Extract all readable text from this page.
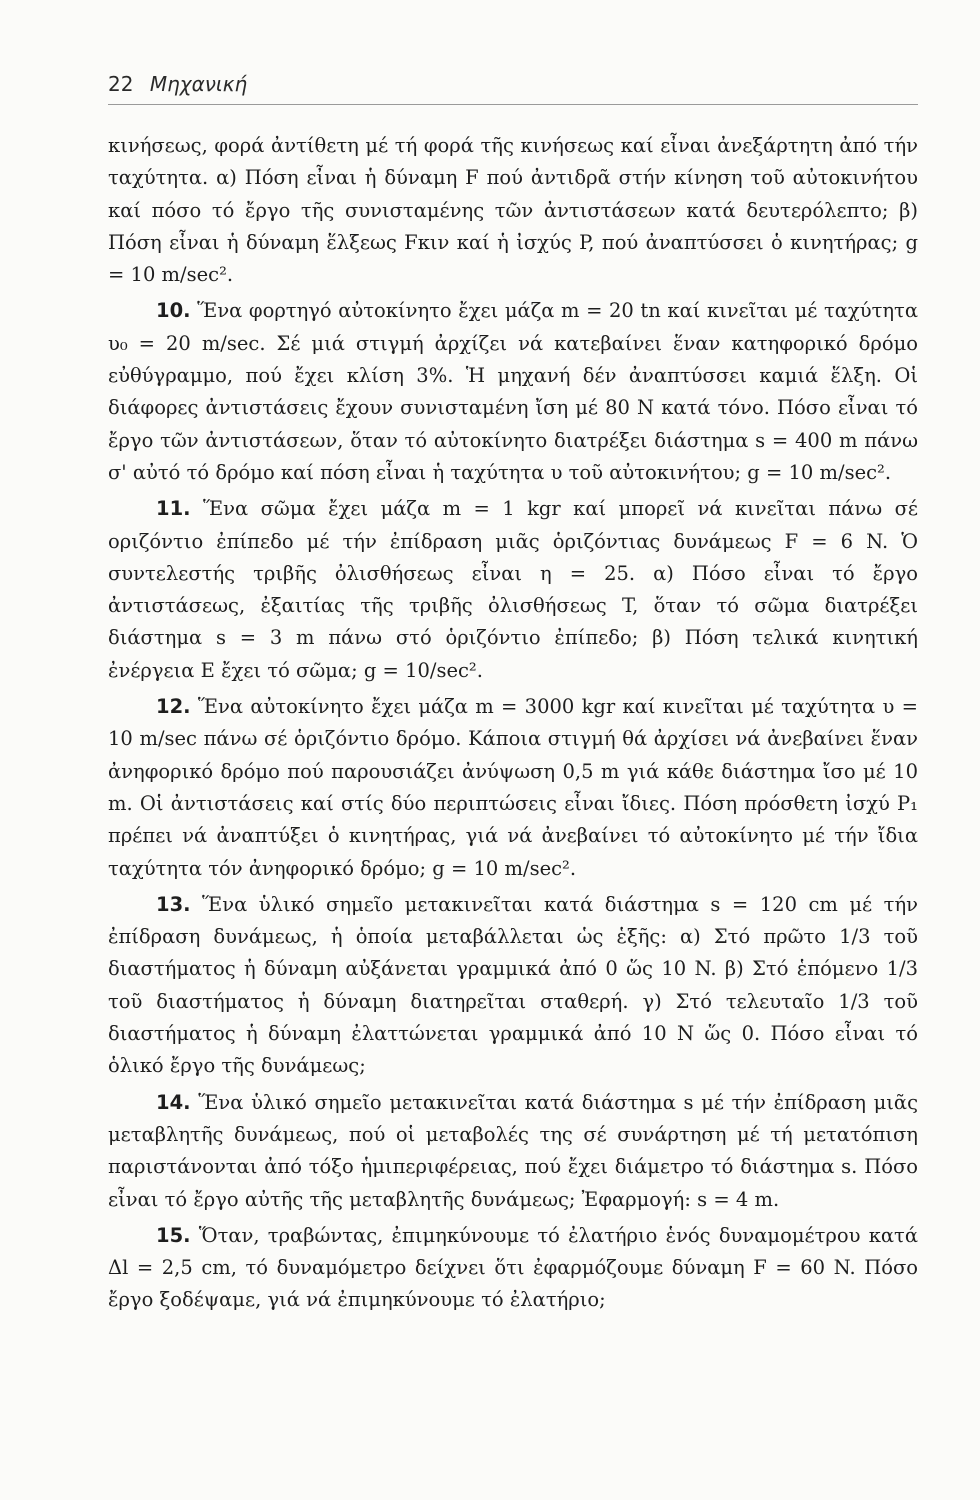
22 Μηχανική

κινήσεως, φορά ἀντίθετη μέ τή φορά τῆς κινήσεως καί εἶναι ἀνεξάρτητη ἀπό τήν ταχύτητα. α) Πόση εἶναι ἡ δύναμη F πού ἀντιδρᾶ στήν κίνηση τοῦ αὐτοκινήτου καί πόσο τό ἔργο τῆς συνισταμένης τῶν ἀντιστάσεων κατά δευτερόλεπτο; β) Πόση εἶναι ἡ δύναμη ἕλξεως Fκιν καί ἡ ἰσχύς P, πού ἀναπτύσσει ὁ κινητήρας; g = 10 m/sec².

10. Ἕνα φορτηγό αὐτοκίνητο ἔχει μάζα m = 20 tn καί κινεῖται μέ ταχύτητα υ₀ = 20 m/sec. Σέ μιά στιγμή ἀρχίζει νά κατεβαίνει ἕναν κατηφορικό δρόμο εὐθύγραμμο, πού ἔχει κλίση 3%. Ἡ μηχανή δέν ἀναπτύσσει καμιά ἕλξη. Οἱ διάφορες ἀντιστάσεις ἔχουν συνισταμένη ἴση μέ 80 N κατά τόνο. Πόσο εἶναι τό ἔργο τῶν ἀντιστάσεων, ὅταν τό αὐτοκίνητο διατρέξει διάστημα s = 400 m πάνω σ' αὐτό τό δρόμο καί πόση εἶναι ἡ ταχύτητα υ τοῦ αὐτοκινήτου; g = 10 m/sec².

11. Ἕνα σῶμα ἔχει μάζα m = 1 kgr καί μπορεῖ νά κινεῖται πάνω σέ οριζόντιο ἐπίπεδο μέ τήν ἐπίδραση μιᾶς ὁριζόντιας δυνάμεως F = 6 N. Ὁ συντελεστής τριβῆς ὀλισθήσεως εἶναι η = 25. α) Πόσο εἶναι τό ἔργο ἀντιστάσεως, ἐξαιτίας τῆς τριβῆς ὀλισθήσεως T, ὅταν τό σῶμα διατρέξει διάστημα s = 3 m πάνω στό ὁριζόντιο ἐπίπεδο; β) Πόση τελικά κινητική ἐνέργεια E ἔχει τό σῶμα; g = 10/sec².

12. Ἕνα αὐτοκίνητο ἔχει μάζα m = 3000 kgr καί κινεῖται μέ ταχύτητα υ = 10 m/sec πάνω σέ ὁριζόντιο δρόμο. Κάποια στιγμή θά ἀρχίσει νά ἀνεβαίνει ἕναν ἀνηφορικό δρόμο πού παρουσιάζει ἀνύψωση 0,5 m γιά κάθε διάστημα ἴσο μέ 10 m. Οἱ ἀντιστάσεις καί στίς δύο περιπτώσεις εἶναι ἴδιες. Πόση πρόσθετη ἰσχύ P₁ πρέπει νά ἀναπτύξει ὁ κινητήρας, γιά νά ἀνεβαίνει τό αὐτοκίνητο μέ τήν ἴδια ταχύτητα τόν ἀνηφορικό δρόμο; g = 10 m/sec².

13. Ἕνα ὑλικό σημεῖο μετακινεῖται κατά διάστημα s = 120 cm μέ τήν ἐπίδραση δυνάμεως, ἡ ὁποία μεταβάλλεται ὡς ἑξῆς: α) Στό πρῶτο 1/3 τοῦ διαστήματος ἡ δύναμη αὐξάνεται γραμμικά ἀπό 0 ὥς 10 N. β) Στό ἑπόμενο 1/3 τοῦ διαστήματος ἡ δύναμη διατηρεῖται σταθερή. γ) Στό τελευταῖο 1/3 τοῦ διαστήματος ἡ δύναμη ἐλαττώνεται γραμμικά ἀπό 10 N ὥς 0. Πόσο εἶναι τό ὁλικό ἔργο τῆς δυνάμεως;

14. Ἕνα ὑλικό σημεῖο μετακινεῖται κατά διάστημα s μέ τήν ἐπίδραση μιᾶς μεταβλητῆς δυνάμεως, πού οἱ μεταβολές της σέ συνάρτηση μέ τή μετατόπιση παριστάνονται ἀπό τόξο ἡμιπεριφέρειας, πού ἔχει διάμετρο τό διάστημα s. Πόσο εἶναι τό ἔργο αὐτῆς τῆς μεταβλητῆς δυνάμεως; Ἐφαρμογή: s = 4 m.

15. Ὅταν, τραβώντας, ἐπιμηκύνουμε τό ἐλατήριο ἑνός δυναμομέτρου κατά Δl = 2,5 cm, τό δυναμόμετρο δείχνει ὅτι ἐφαρμόζουμε δύναμη F = 60 N. Πόσο ἔργο ξοδέψαμε, γιά νά ἐπιμηκύνουμε τό ἐλατήριο;
